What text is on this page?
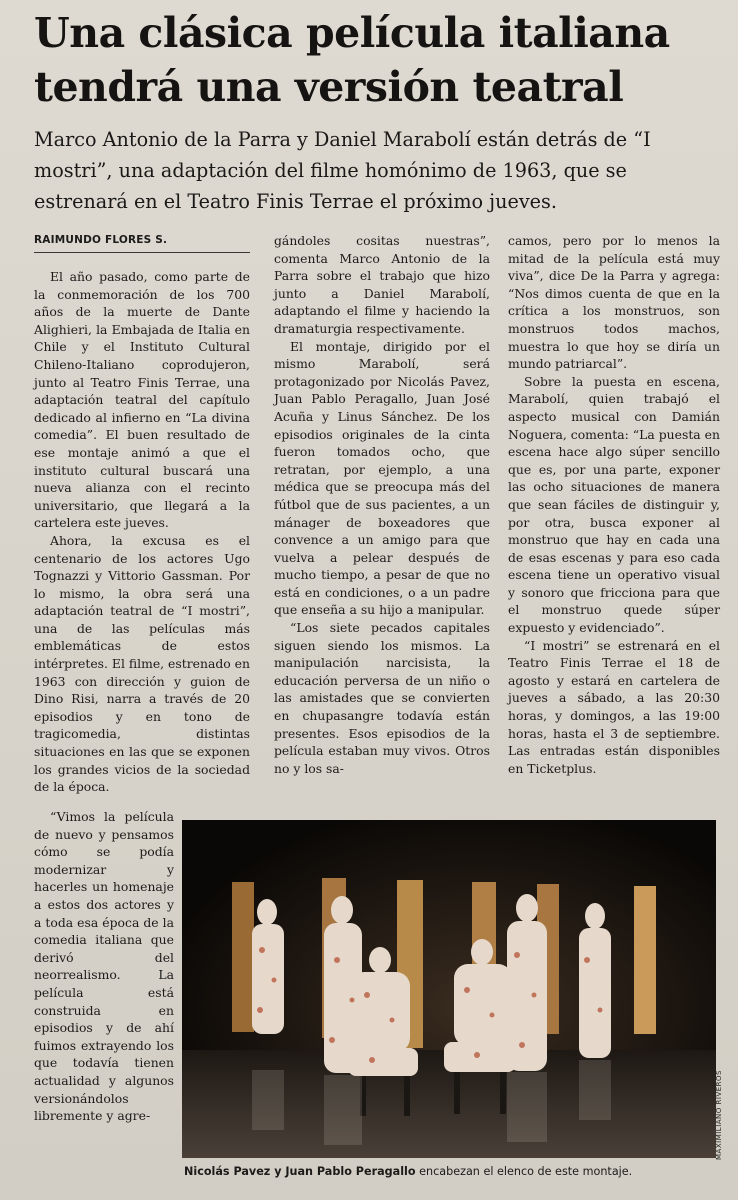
Una clásica película italiana
tendrá una versión teatral

Marco Antonio de la Parra y Daniel Marabolí están detrás de “I mostri”, una adaptación del filme homónimo de 1963, que se estrenará en el Teatro Finis Terrae el próximo jueves.

RAIMUNDO FLORES S.

El año pasado, como parte de la conmemoración de los 700 años de la muerte de Dante Alighieri, la Embajada de Italia en Chile y el Instituto Cultural Chileno-Italiano coprodujeron, junto al Teatro Finis Terrae, una adaptación teatral del capítulo dedicado al infierno en “La divina comedia”. El buen resultado de ese montaje animó a que el instituto cultural buscará una nueva alianza con el recinto universitario, que llegará a la cartelera este jueves.

Ahora, la excusa es el centenario de los actores Ugo Tognazzi y Vittorio Gassman. Por lo mismo, la obra será una adaptación teatral de “I mostri”, una de las películas más emblemáticas de estos intérpretes. El filme, estrenado en 1963 con dirección y guion de Dino Risi, narra a través de 20 episodios y en tono de tragicomedia, distintas situaciones en las que se exponen los grandes vicios de la sociedad de la época.

“Vimos la película de nuevo y pensamos cómo se podía modernizar y hacerles un homenaje a estos dos actores y a toda esa época de la comedia italiana que derivó del neorrealismo. La película está construida en episodios y de ahí fuimos extrayendo los que todavía tienen actualidad y algunos versionándolos libremente y agre-

gándoles cositas nuestras”, comenta Marco Antonio de la Parra sobre el trabajo que hizo junto a Daniel Marabolí, adaptando el filme y haciendo la dramaturgia respectivamente.

El montaje, dirigido por el mismo Marabolí, será protagonizado por Nicolás Pavez, Juan Pablo Peragallo, Juan José Acuña y Linus Sánchez. De los episodios originales de la cinta fueron tomados ocho, que retratan, por ejemplo, a una médica que se preocupa más del fútbol que de sus pacientes, a un mánager de boxeadores que convence a un amigo para que vuelva a pelear después de mucho tiempo, a pesar de que no está en condiciones, o a un padre que enseña a su hijo a manipular.

“Los siete pecados capitales siguen siendo los mismos. La manipulación narcisista, la educación perversa de un niño o las amistades que se convierten en chupasangre todavía están presentes. Esos episodios de la película estaban muy vivos. Otros no y los sa-

camos, pero por lo menos la mitad de la película está muy viva”, dice De la Parra y agrega: “Nos dimos cuenta de que en la crítica a los monstruos, son monstruos todos machos, muestra lo que hoy se diría un mundo patriarcal”.

Sobre la puesta en escena, Marabolí, quien trabajó el aspecto musical con Damián Noguera, comenta: “La puesta en escena hace algo súper sencillo que es, por una parte, exponer las ocho situaciones de manera que sean fáciles de distinguir y, por otra, busca exponer al monstruo que hay en cada una de esas escenas y para eso cada escena tiene un operativo visual y sonoro que fricciona para que el monstruo quede súper expuesto y evidenciado”.

“I mostri” se estrenará en el Teatro Finis Terrae el 18 de agosto y estará en cartelera de jueves a sábado, a las 20:30 horas, y domingos, a las 19:00 horas, hasta el 3 de septiembre. Las entradas están disponibles en Ticketplus.

MAXIMILIANO RIVEROS
Nicolás Pavez y Juan Pablo Peragallo encabezan el elenco de este montaje.
